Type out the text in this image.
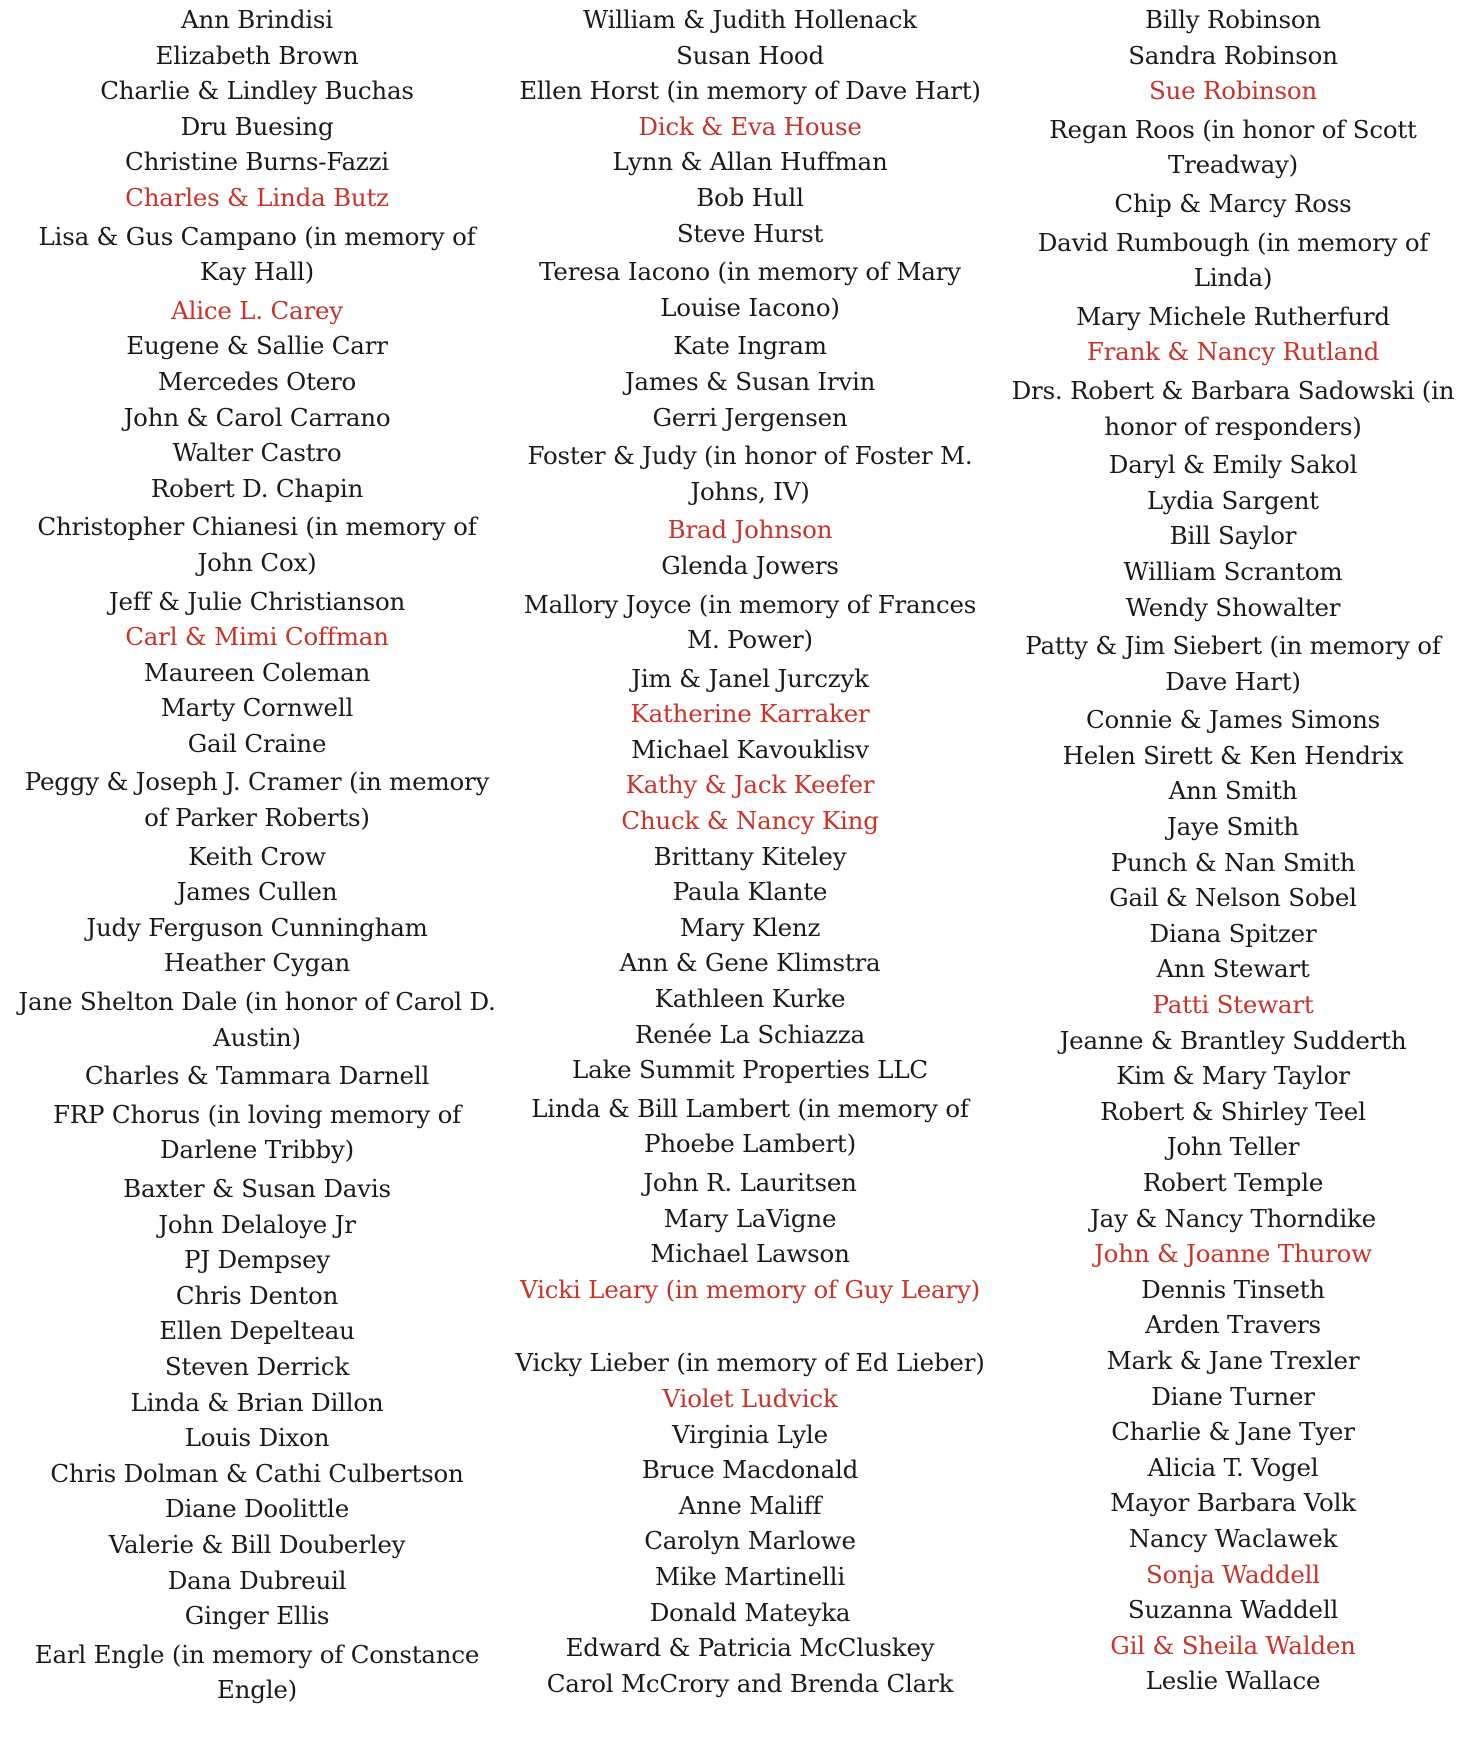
Ann Brindisi
Elizabeth Brown
Charlie & Lindley Buchas
Dru Buesing
Christine Burns-Fazzi
Charles & Linda Butz
Lisa & Gus Campano (in memory of
Kay Hall)
Alice L. Carey
Eugene & Sallie Carr
Mercedes Otero
John & Carol Carrano
Walter Castro
Robert D. Chapin
Christopher Chianesi (in memory of
John Cox)
Jeff & Julie Christianson
Carl & Mimi Coffman
Maureen Coleman
Marty Cornwell
Gail Craine
Peggy & Joseph J. Cramer (in memory
of Parker Roberts)
Keith Crow
James Cullen
Judy Ferguson Cunningham
Heather Cygan
Jane Shelton Dale (in honor of Carol D.
Austin)
Charles & Tammara Darnell
FRP Chorus (in loving memory of
Darlene Tribby)
Baxter & Susan Davis
John Delaloye Jr
PJ Dempsey
Chris Denton
Ellen Depelteau
Steven Derrick
Linda & Brian Dillon
Louis Dixon
Chris Dolman & Cathi Culbertson
Diane Doolittle
Valerie & Bill Douberley
Dana Dubreuil
Ginger Ellis
Earl Engle (in memory of Constance
Engle)
William & Judith Hollenack
Susan Hood
Ellen Horst (in memory of Dave Hart)
Dick & Eva House
Lynn & Allan Huffman
Bob Hull
Steve Hurst
Teresa Iacono (in memory of Mary
Louise Iacono)
Kate Ingram
James & Susan Irvin
Gerri Jergensen
Foster & Judy (in honor of Foster M.
Johns, IV)
Brad Johnson
Glenda Jowers
Mallory Joyce (in memory of Frances
M. Power)
Jim & Janel Jurczyk
Katherine Karraker
Michael Kavouklisv
Kathy & Jack Keefer
Chuck & Nancy King
Brittany Kiteley
Paula Klante
Mary Klenz
Ann & Gene Klimstra
Kathleen Kurke
Renée La Schiazza
Lake Summit Properties LLC
Linda & Bill Lambert (in memory of
Phoebe Lambert)
John R. Lauritsen
Mary LaVigne
Michael Lawson
Vicki Leary (in memory of Guy Leary)
Vicky Lieber (in memory of Ed Lieber)
Violet Ludvick
Virginia Lyle
Bruce Macdonald
Anne Maliff
Carolyn Marlowe
Mike Martinelli
Donald Mateyka
Edward & Patricia McCluskey
Carol McCrory and Brenda Clark
Billy Robinson
Sandra Robinson
Sue Robinson
Regan Roos (in honor of Scott
Treadway)
Chip & Marcy Ross
David Rumbough (in memory of
Linda)
Mary Michele Rutherfurd
Frank & Nancy Rutland
Drs. Robert & Barbara Sadowski (in
honor of responders)
Daryl & Emily Sakol
Lydia Sargent
Bill Saylor
William Scrantom
Wendy Showalter
Patty & Jim Siebert (in memory of
Dave Hart)
Connie & James Simons
Helen Sirett & Ken Hendrix
Ann Smith
Jaye Smith
Punch & Nan Smith
Gail & Nelson Sobel
Diana Spitzer
Ann Stewart
Patti Stewart
Jeanne & Brantley Sudderth
Kim & Mary Taylor
Robert & Shirley Teel
John Teller
Robert Temple
Jay & Nancy Thorndike
John & Joanne Thurow
Dennis Tinseth
Arden Travers
Mark & Jane Trexler
Diane Turner
Charlie & Jane Tyer
Alicia T. Vogel
Mayor Barbara Volk
Nancy Waclawek
Sonja Waddell
Suzanna Waddell
Gil & Sheila Walden
Leslie Wallace
